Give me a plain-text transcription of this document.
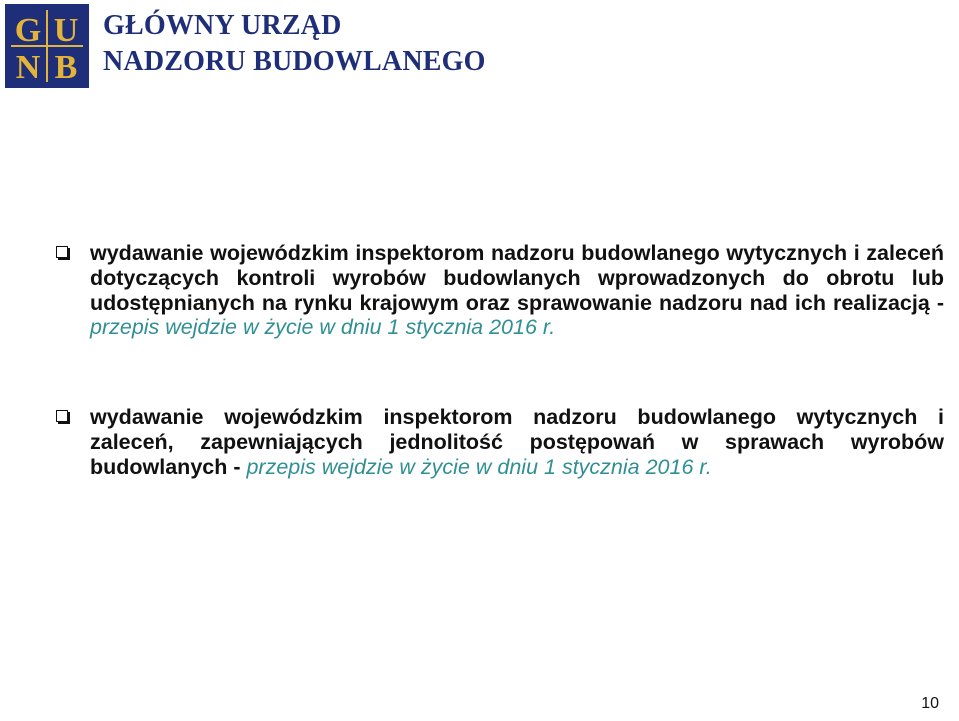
G U
N B
GŁÓWNY URZĄD
NADZORU BUDOWLANEGO
wydawanie wojewódzkim inspektorom nadzoru budowlanego wytycznych i zaleceń dotyczących kontroli wyrobów budowlanych wprowadzonych do obrotu lub udostępnianych na rynku krajowym oraz sprawowanie nadzoru nad ich realizacją - przepis wejdzie w życie w dniu 1 stycznia 2016 r.
wydawanie wojewódzkim inspektorom nadzoru budowlanego wytycznych i zaleceń, zapewniających jednolitość postępowań w sprawach wyrobów budowlanych - przepis wejdzie w życie w dniu 1 stycznia 2016 r.
10
